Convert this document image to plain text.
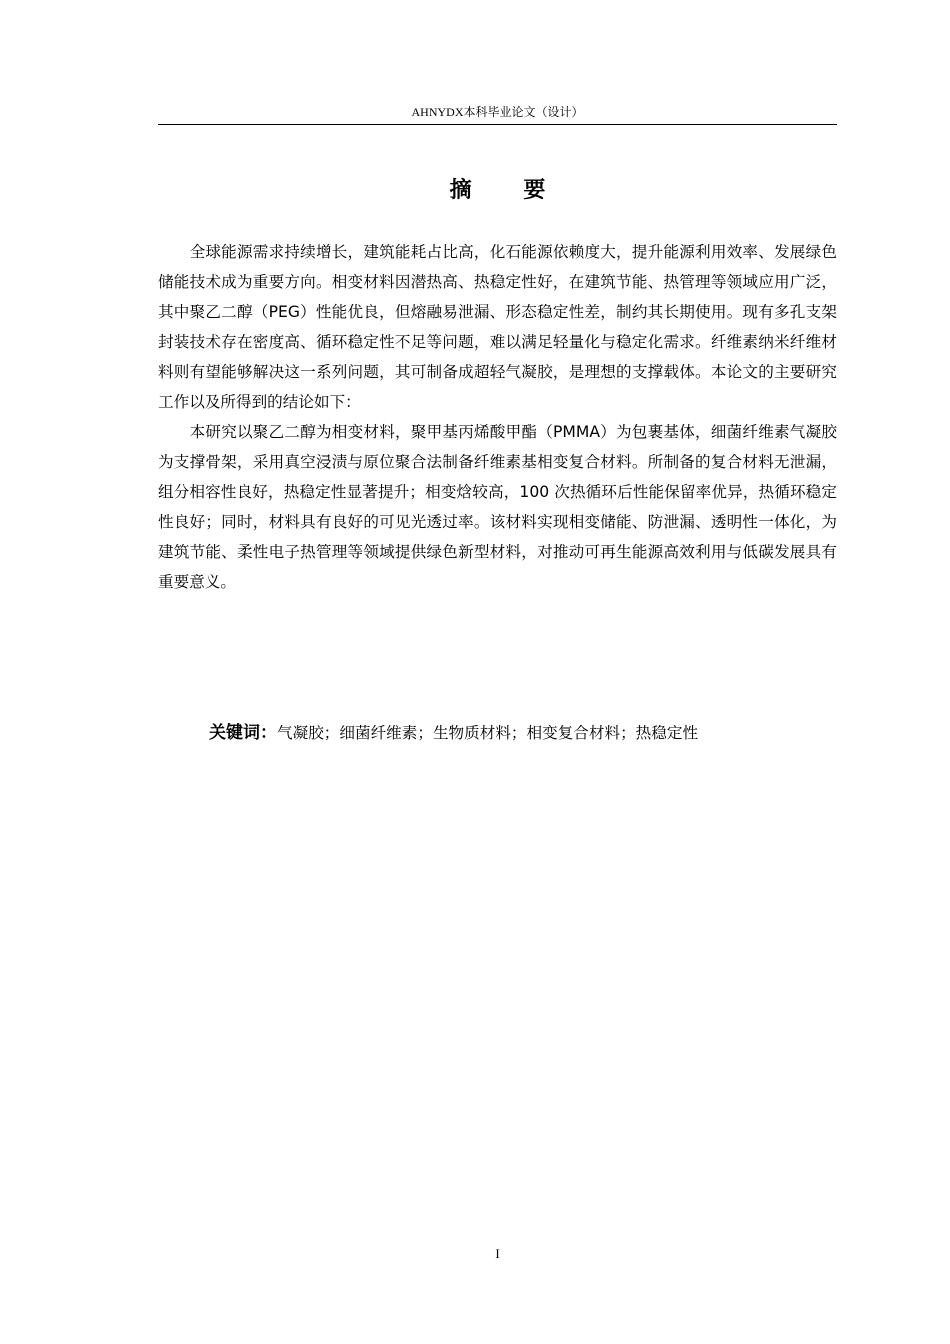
AHNYDX本科毕业论文（设计）
摘 要

全球能源需求持续增长，建筑能耗占比高，化石能源依赖度大，提升能源利用效率、发展绿色储能技术成为重要方向。相变材料因潜热高、热稳定性好，在建筑节能、热管理等领域应用广泛，其中聚乙二醇（PEG）性能优良，但熔融易泄漏、形态稳定性差，制约其长期使用。现有多孔支架封装技术存在密度高、循环稳定性不足等问题，难以满足轻量化与稳定化需求。纤维素纳米纤维材料则有望能够解决这一系列问题，其可制备成超轻气凝胶，是理想的支撑载体。本论文的主要研究工作以及所得到的结论如下：

本研究以聚乙二醇为相变材料，聚甲基丙烯酸甲酯（PMMA）为包裹基体，细菌纤维素气凝胶为支撑骨架，采用真空浸渍与原位聚合法制备纤维素基相变复合材料。所制备的复合材料无泄漏，组分相容性良好，热稳定性显著提升；相变焓较高，100 次热循环后性能保留率优异，热循环稳定性良好；同时，材料具有良好的可见光透过率。该材料实现相变储能、防泄漏、透明性一体化，为建筑节能、柔性电子热管理等领域提供绿色新型材料，对推动可再生能源高效利用与低碳发展具有重要意义。

关键词：气凝胶；细菌纤维素；生物质材料；相变复合材料；热稳定性
I
